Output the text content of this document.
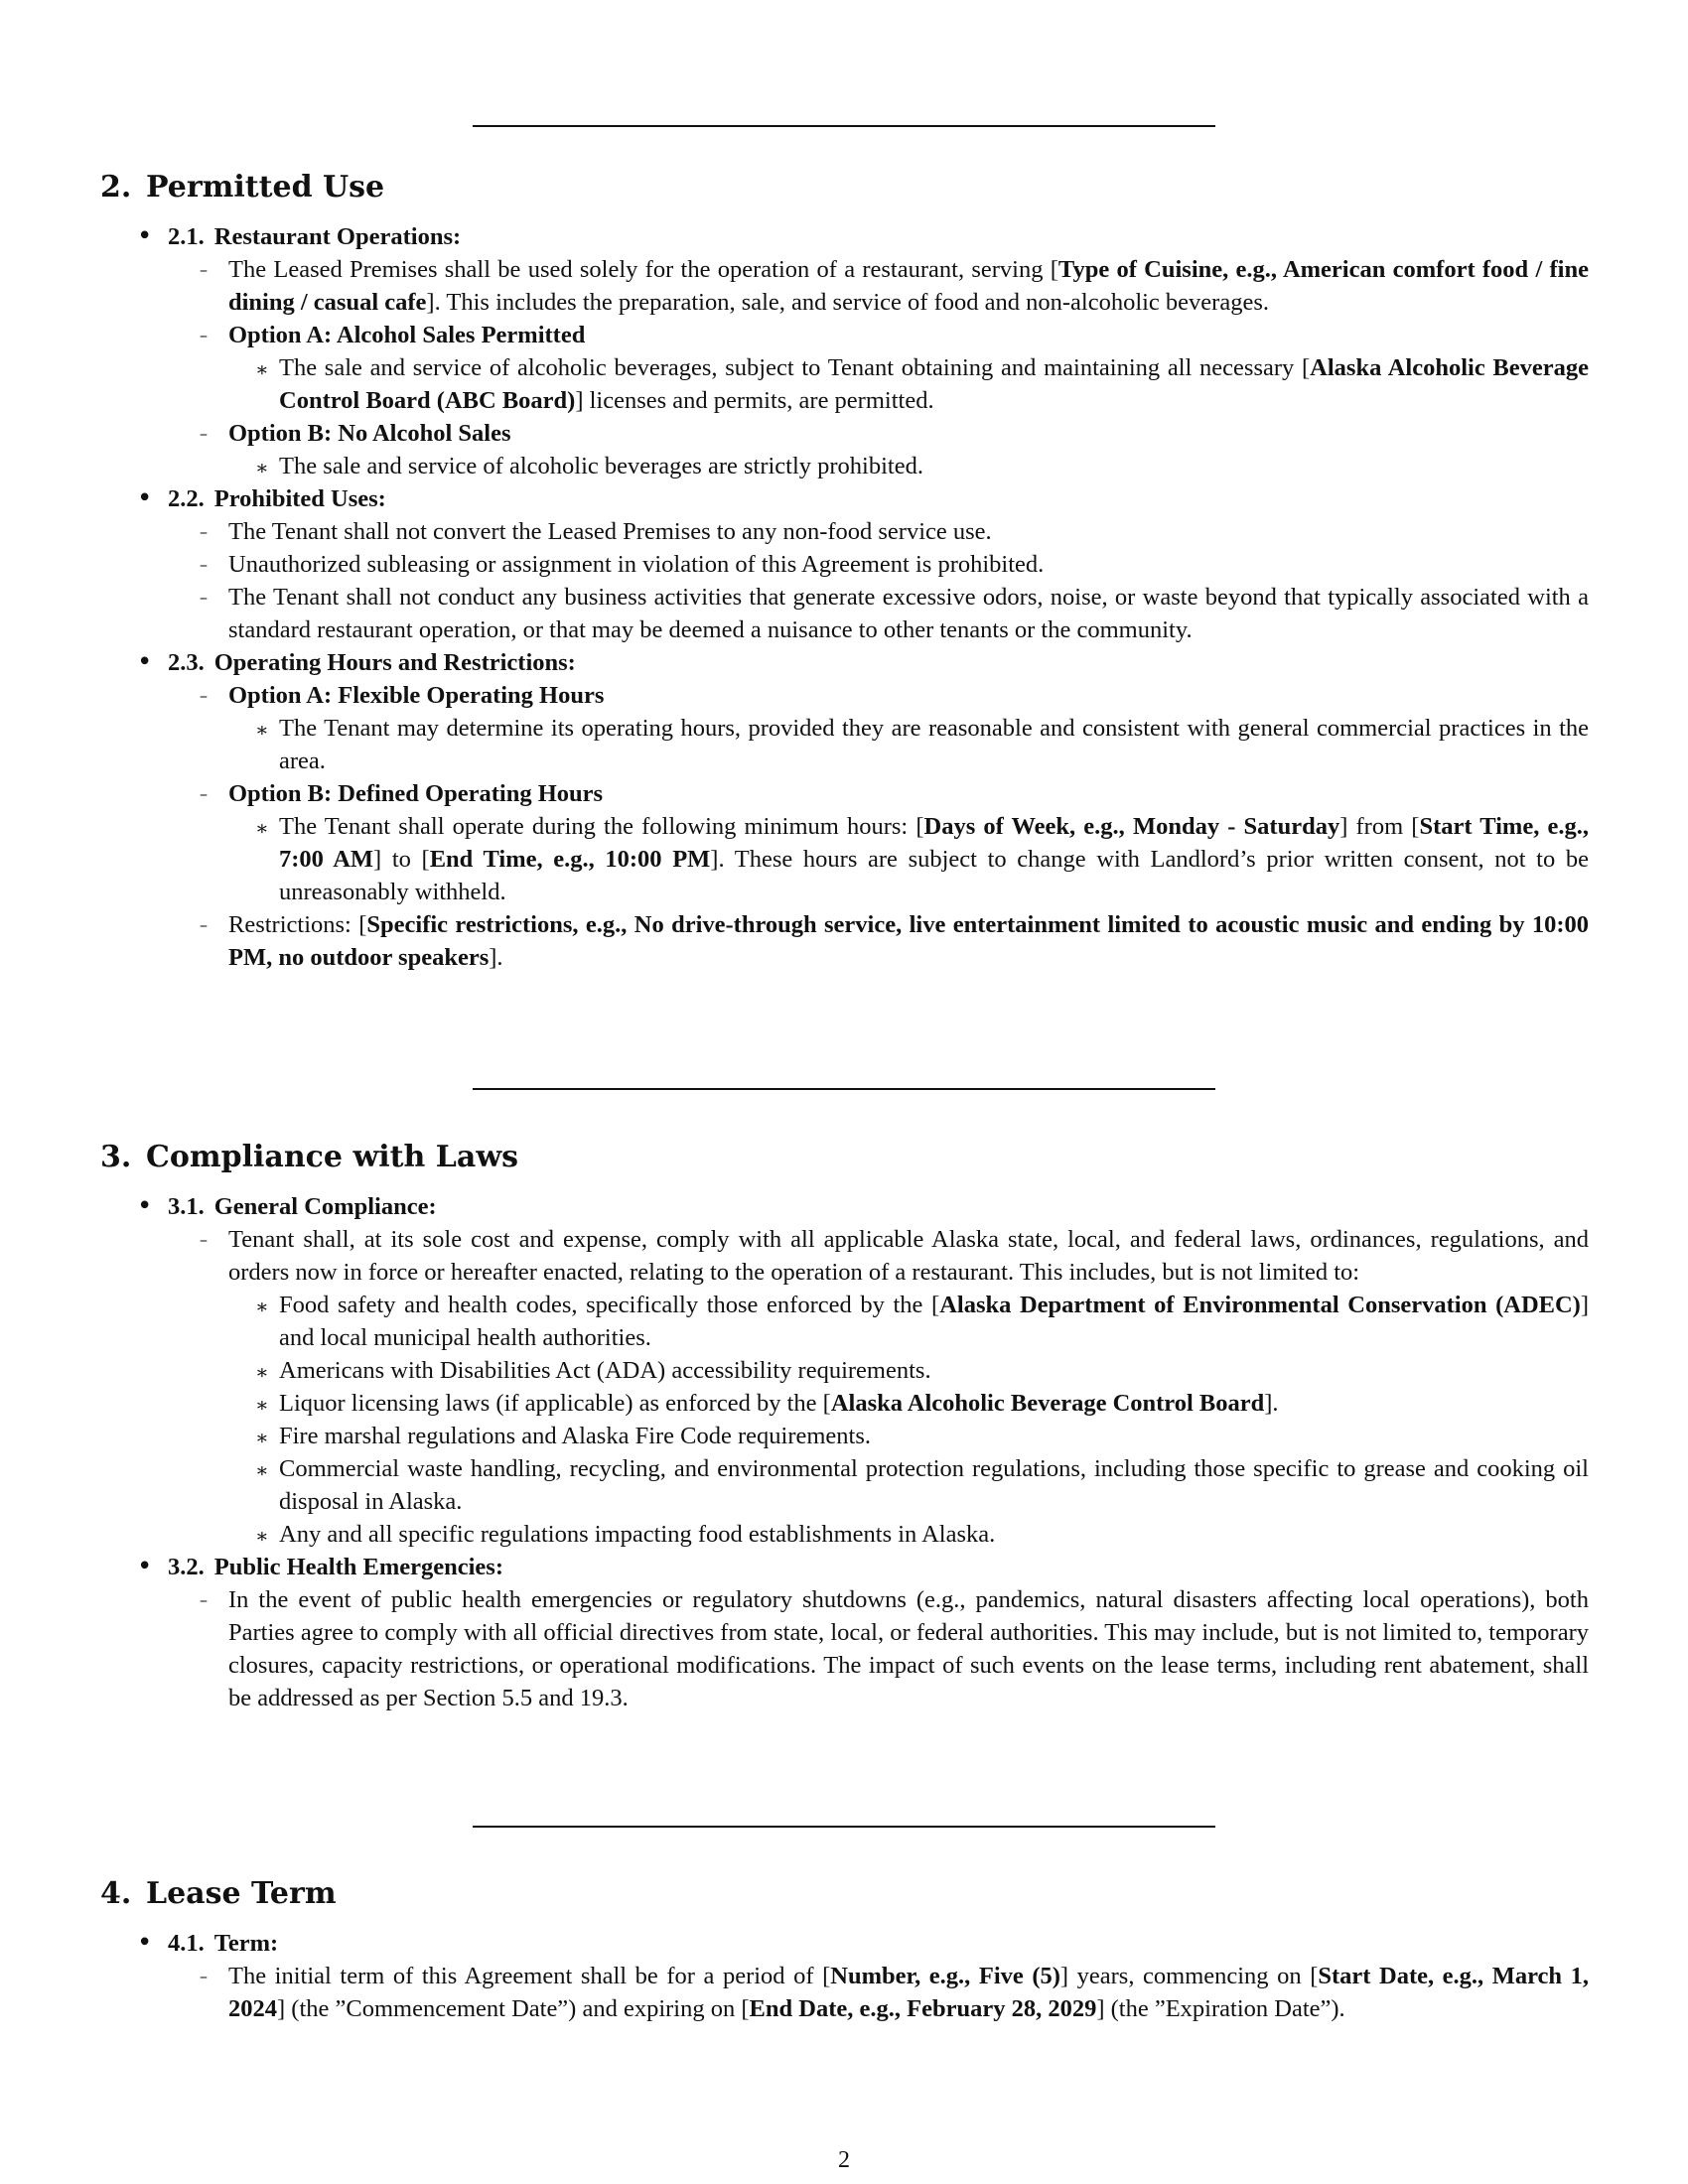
2. Permitted Use
• 2.1. Restaurant Operations:
– The Leased Premises shall be used solely for the operation of a restaurant, serving [Type of Cuisine, e.g., American comfort food / fine dining / casual cafe]. This includes the preparation, sale, and service of food and non-alcoholic beverages.
– Option A: Alcohol Sales Permitted
∗ The sale and service of alcoholic beverages, subject to Tenant obtaining and maintaining all necessary [Alaska Alcoholic Beverage Control Board (ABC Board)] licenses and permits, are permitted.
– Option B: No Alcohol Sales
∗ The sale and service of alcoholic beverages are strictly prohibited.
• 2.2. Prohibited Uses:
– The Tenant shall not convert the Leased Premises to any non-food service use.
– Unauthorized subleasing or assignment in violation of this Agreement is prohibited.
– The Tenant shall not conduct any business activities that generate excessive odors, noise, or waste beyond that typically associated with a standard restaurant operation, or that may be deemed a nuisance to other tenants or the community.
• 2.3. Operating Hours and Restrictions:
– Option A: Flexible Operating Hours
∗ The Tenant may determine its operating hours, provided they are reasonable and consistent with general commercial practices in the area.
– Option B: Defined Operating Hours
∗ The Tenant shall operate during the following minimum hours: [Days of Week, e.g., Monday - Saturday] from [Start Time, e.g., 7:00 AM] to [End Time, e.g., 10:00 PM]. These hours are subject to change with Landlord’s prior written consent, not to be unreasonably withheld.
– Restrictions: [Specific restrictions, e.g., No drive-through service, live entertainment limited to acoustic music and ending by 10:00 PM, no outdoor speakers].
3. Compliance with Laws
• 3.1. General Compliance:
– Tenant shall, at its sole cost and expense, comply with all applicable Alaska state, local, and federal laws, ordinances, regulations, and orders now in force or hereafter enacted, relating to the operation of a restaurant. This includes, but is not limited to:
∗ Food safety and health codes, specifically those enforced by the [Alaska Department of Environmental Conservation (ADEC)] and local municipal health authorities.
∗ Americans with Disabilities Act (ADA) accessibility requirements.
∗ Liquor licensing laws (if applicable) as enforced by the [Alaska Alcoholic Beverage Control Board].
∗ Fire marshal regulations and Alaska Fire Code requirements.
∗ Commercial waste handling, recycling, and environmental protection regulations, including those specific to grease and cooking oil disposal in Alaska.
∗ Any and all specific regulations impacting food establishments in Alaska.
• 3.2. Public Health Emergencies:
– In the event of public health emergencies or regulatory shutdowns (e.g., pandemics, natural disasters affecting local operations), both Parties agree to comply with all official directives from state, local, or federal authorities. This may include, but is not limited to, temporary closures, capacity restrictions, or operational modifications. The impact of such events on the lease terms, including rent abatement, shall be addressed as per Section 5.5 and 19.3.
4. Lease Term
• 4.1. Term:
– The initial term of this Agreement shall be for a period of [Number, e.g., Five (5)] years, commencing on [Start Date, e.g., March 1, 2024] (the ”Commencement Date”) and expiring on [End Date, e.g., February 28, 2029] (the ”Expiration Date”).
2
